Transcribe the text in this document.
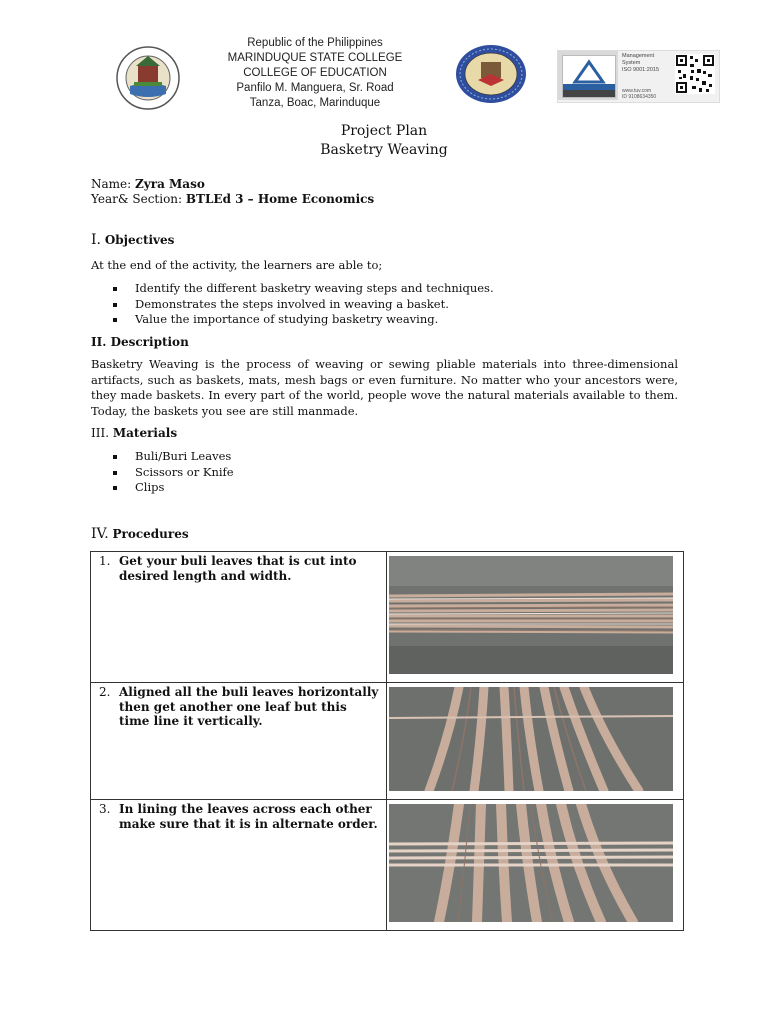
Republic of the Philippines
MARINDUQUE STATE COLLEGE
COLLEGE OF EDUCATION
Panfilo M. Manguera, Sr. Road
Tanza, Boac, Marinduque
Management
System
ISO 9001:2015
www.tuv.com
ID 9108634350
Project Plan
Basketry Weaving
Name: Zyra Maso
Year& Section: BTLEd 3 – Home Economics
I. Objectives
At the end of the activity, the learners are able to;
Identify the different basketry weaving steps and techniques.
Demonstrates the steps involved in weaving a basket.
Value the importance of studying basketry weaving.
II. Description
Basketry Weaving is the process of weaving or sewing pliable materials into three-dimensional artifacts, such as baskets, mats, mesh bags or even furniture. No matter who your ancestors were, they made baskets. In every part of the world, people wove the natural materials available to them. Today, the baskets you see are still manmade.
III. Materials
Buli/Buri Leaves
Scissors or Knife
Clips
IV. Procedures
1. Get your buli leaves that is cut into desired length and width.

2. Aligned all the buli leaves horizontally then get another one leaf but this time line it vertically.

3. In lining the leaves across each other make sure that it is in alternate order.
